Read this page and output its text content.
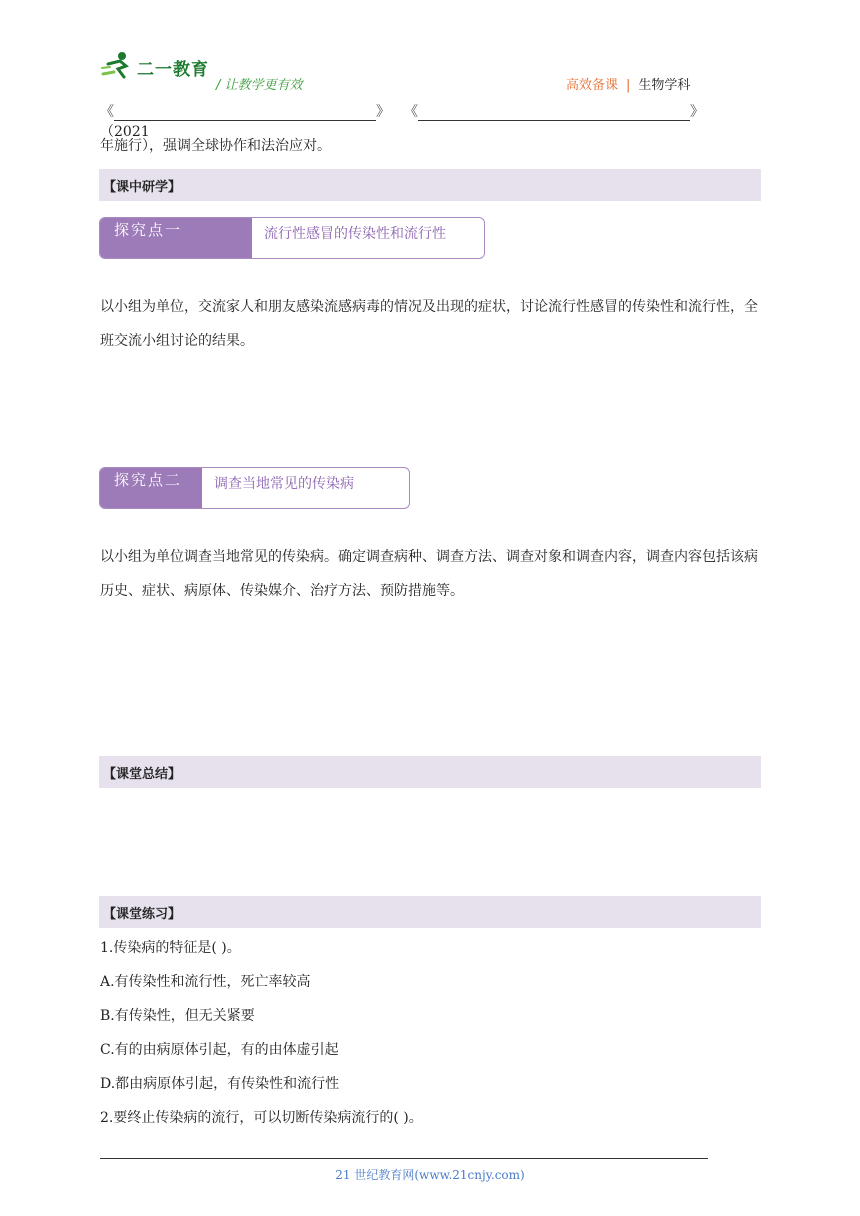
二一教育
/ 让教学更有效	高效备课 | 生物学科
《	》 《	》（2021
年施行），强调全球协作和法治应对。
【课中研学】
探究点一	流行性感冒的传染性和流行性
以小组为单位，交流家人和朋友感染流感病毒的情况及出现的症状，讨论流行性感冒的传染性和流行性，全班交流小组讨论的结果。
探究点二	调查当地常见的传染病
以小组为单位调查当地常见的传染病。确定调查病种、调查方法、调查对象和调查内容，调查内容包括该病历史、症状、病原体、传染媒介、治疗方法、预防措施等。
【课堂总结】
【课堂练习】
1.传染病的特征是( )。
A.有传染性和流行性，死亡率较高
B.有传染性，但无关紧要
C.有的由病原体引起，有的由体虚引起
D.都由病原体引起，有传染性和流行性
2.要终止传染病的流行，可以切断传染病流行的( )。
21 世纪教育网(www.21cnjy.com)
